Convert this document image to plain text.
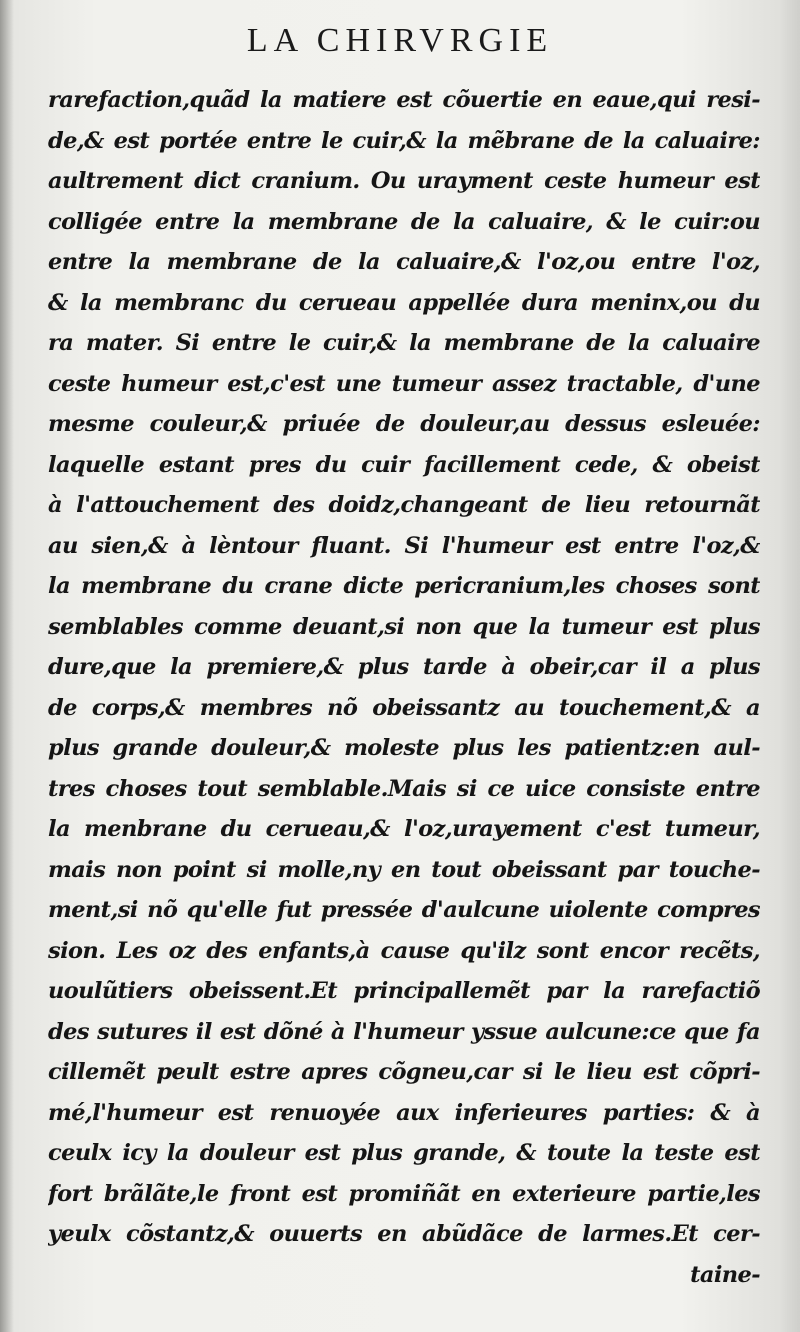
LA CHIRVRGIE
rarefaction,quãd la matiere est cõuertie en eaue,qui resi-
de,& est portée entre le cuir,& la mẽbrane de la caluaire:
aultrement dict cranium. Ou urayment ceste humeur est
colligée entre la membrane de la caluaire, & le cuir:ou
entre la membrane de la caluaire,& l'oz,ou entre l'oz,
& la membranc du cerueau appellée dura meninx,ou du
ra mater. Si entre le cuir,& la membrane de la caluaire
ceste humeur est,c'est une tumeur assez tractable, d'une
mesme couleur,& priuée de douleur,au dessus esleuée:
laquelle estant pres du cuir facillement cede, & obeist
à l'attouchement des doidz,changeant de lieu retournãt
au sien,& à lèntour fluant. Si l'humeur est entre l'oz,&
la membrane du crane dicte pericranium,les choses sont
semblables comme deuant,si non que la tumeur est plus
dure,que la premiere,& plus tarde à obeir,car il a plus
de corps,& membres nõ obeissantz au touchement,& a
plus grande douleur,& moleste plus les patientz:en aul-
tres choses tout semblable.Mais si ce uice consiste entre
la menbrane du cerueau,& l'oz,urayement c'est tumeur,
mais non point si molle,ny en tout obeissant par touche-
ment,si nõ qu'elle fut pressée d'aulcune uiolente compres
sion. Les oz des enfants,à cause qu'ilz sont encor recẽts,
uoulũtiers obeissent.Et principallemẽt par la rarefactiõ
des sutures il est dõné à l'humeur yssue aulcune:ce que fa
cillemẽt peult estre apres cõgneu,car si le lieu est cõpri-
mé,l'humeur est renuoyée aux inferieures parties: & à
ceulx icy la douleur est plus grande, & toute la teste est
fort brãlãte,le front est promiñãt en exterieure partie,les
yeulx cõstantz,& ouuerts en abũdãce de larmes.Et cer-
taine-
